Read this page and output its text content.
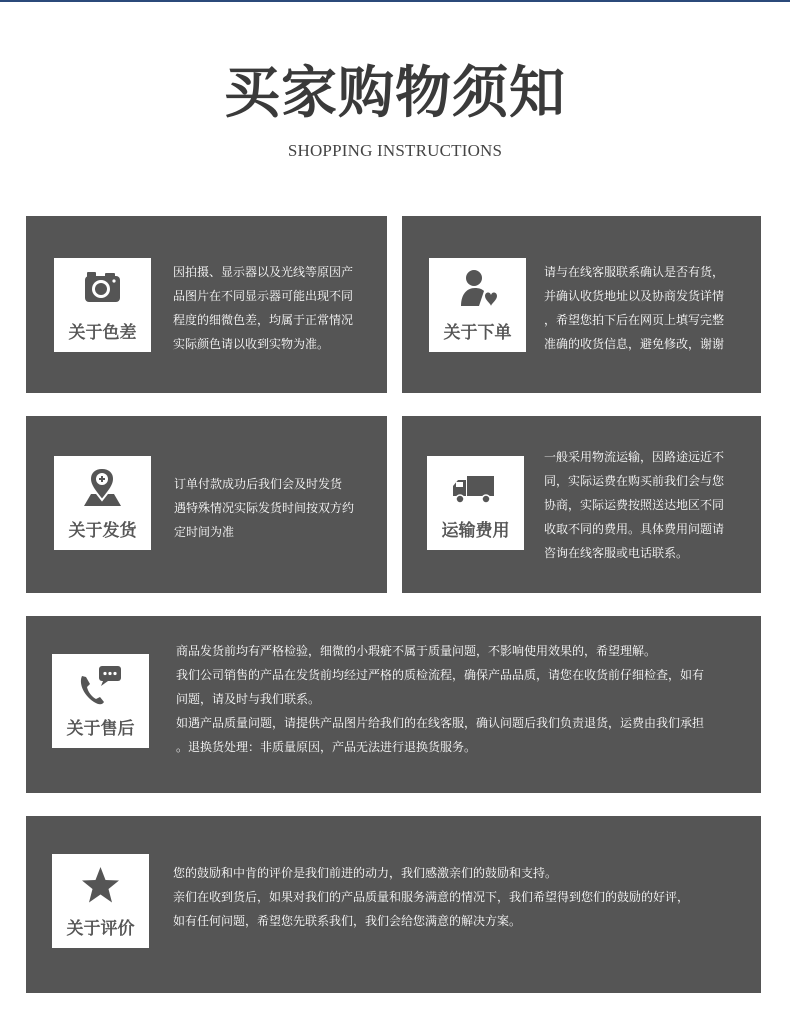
买家购物须知
SHOPPING INSTRUCTIONS
关于色差

因拍摄、显示器以及光线等原因产

品图片在不同显示器可能出现不同

程度的细微色差，均属于正常情况

实际颜色请以收到实物为准。

关于下单

请与在线客服联系确认是否有货，

并确认收货地址以及协商发货详情

，希望您拍下后在网页上填写完整

准确的收货信息，避免修改，谢谢

关于发货

订单付款成功后我们会及时发货

遇特殊情况实际发货时间按双方约

定时间为准	运输费用

一般采用物流运输，因路途远近不

同，实际运费在购买前我们会与您

协商，实际运费按照送达地区不同

收取不同的费用。具体费用问题请

咨询在线客服或电话联系。

关于售后

商品发货前均有严格检验，细微的小瑕疵不属于质量问题，不影响使用效果的，希望理解。

我们公司销售的产品在发货前均经过严格的质检流程，确保产品品质，请您在收货前仔细检查，如有

问题，请及时与我们联系。

如遇产品质量问题，请提供产品图片给我们的在线客服，确认问题后我们负责退货，运费由我们承担

。退换货处理：非质量原因，产品无法进行退换货服务。

关于评价

您的鼓励和中肯的评价是我们前进的动力，我们感激亲们的鼓励和支持。

亲们在收到货后，如果对我们的产品质量和服务满意的情况下，我们希望得到您们的鼓励的好评，

如有任何问题，希望您先联系我们，我们会给您满意的解决方案。
